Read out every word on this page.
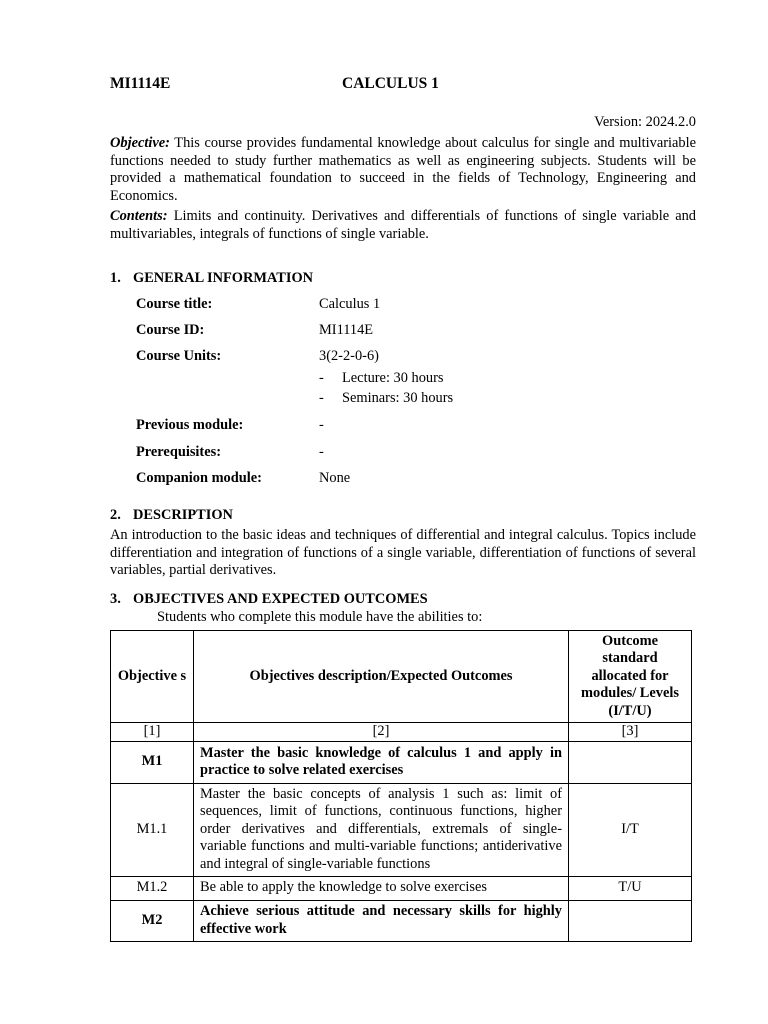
MI1114E	CALCULUS 1
Version: 2024.2.0

Objective: This course provides fundamental knowledge about calculus for single and multivariable functions needed to study further mathematics as well as engineering subjects. Students will be provided a mathematical foundation to succeed in the fields of Technology, Engineering and Economics.

Contents: Limits and continuity. Derivatives and differentials of functions of single variable and multivariables, integrals of functions of single variable.

1. GENERAL INFORMATION
Course title:	Calculus 1
Course ID:	MI1114E
Course Units:	3(2-2-0-6)
- Lecture: 30 hours
- Seminars: 30 hours
Previous module:	-
Prerequisites:	-
Companion module:	None
2. DESCRIPTION

An introduction to the basic ideas and techniques of differential and integral calculus. Topics include differentiation and integration of functions of a single variable, differentiation of functions of several variables, partial derivatives.

3. OBJECTIVES AND EXPECTED OUTCOMES
Students who complete this module have the abilities to:
Objective s	Objectives description/Expected Outcomes	Outcome standard allocated for modules/ Levels (I/T/U)
[1]	[2]	[3]
M1	Master the basic knowledge of calculus 1 and apply in practice to solve related exercises	
M1.1	Master the basic concepts of analysis 1 such as: limit of sequences, limit of functions, continuous functions, higher order derivatives and differentials, extremals of single- variable functions and multi-variable functions; antiderivative and integral of single-variable functions	I/T
M1.2	Be able to apply the knowledge to solve exercises	T/U
M2	Achieve serious attitude and necessary skills for highly effective work	
